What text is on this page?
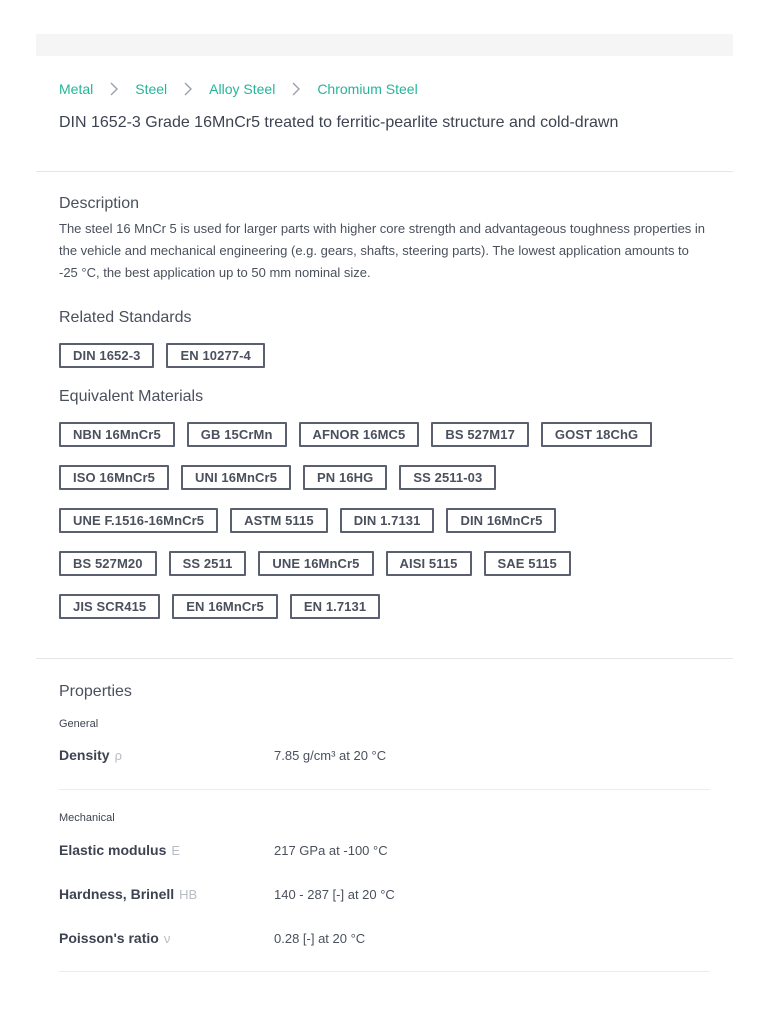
Metal	Steel	Alloy Steel	Chromium Steel
DIN 1652-3 Grade 16MnCr5 treated to ferritic-pearlite structure and cold-drawn
Description
The steel 16 MnCr 5 is used for larger parts with higher core strength and advantageous toughness properties in the vehicle and mechanical engineering (e.g. gears, shafts, steering parts). The lowest application amounts to -25 °C, the best application up to 50 mm nominal size.
Related Standards
DIN 1652-3	EN 10277-4
Equivalent Materials
NBN 16MnCr5	GB 15CrMn	AFNOR 16MC5	BS 527M17	GOST 18ChG
ISO 16MnCr5	UNI 16MnCr5	PN 16HG	SS 2511-03
UNE F.1516-16MnCr5	ASTM 5115	DIN 1.7131	DIN 16MnCr5
BS 527M20	SS 2511	UNE 16MnCr5	AISI 5115	SAE 5115
JIS SCR415	EN 16MnCr5	EN 1.7131
Properties
General
Density ρ	7.85 g/cm³ at 20 °C
Mechanical
Elastic modulus E	217 GPa at -100 °C
Hardness, Brinell HB	140 - 287 [-] at 20 °C
Poisson's ratio ν	0.28 [-] at 20 °C
